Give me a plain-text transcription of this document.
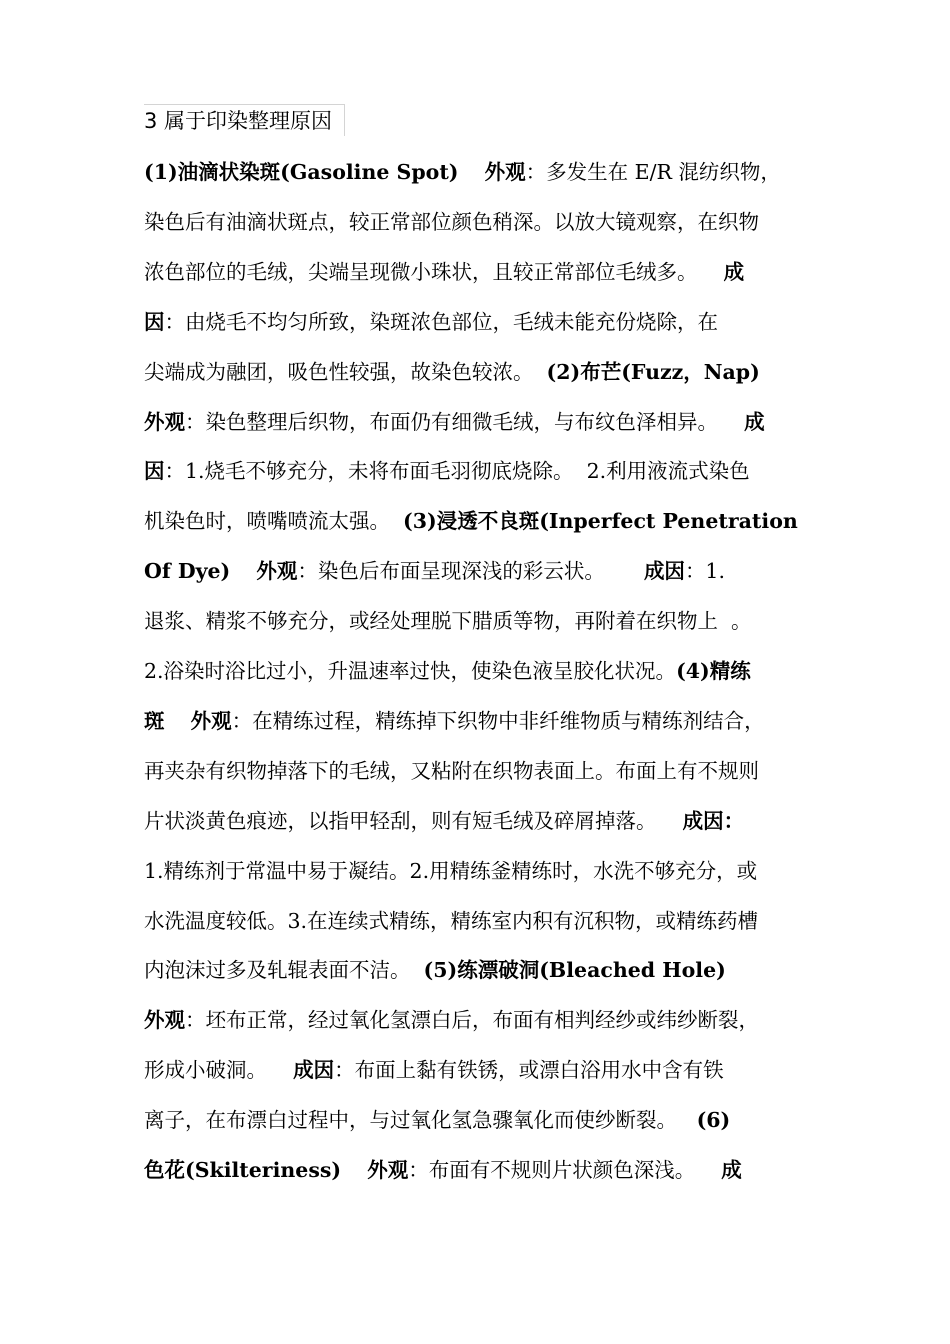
3 属于印染整理原因
(1)油滴状染斑(Gasoline Spot) 外观：多发生在 E/R 混纺织物，
染色后有油滴状斑点，较正常部位颜色稍深。以放大镜观察，在织物
浓色部位的毛绒，尖端呈现微小珠状，且较正常部位毛绒多。    成
因：由烧毛不均匀所致，染斑浓色部位，毛绒未能充份烧除，在
尖端成为融团，吸色性较强，故染色较浓。  (2)布芒(Fuzz，Nap)
外观：染色整理后织物，布面仍有细微毛绒，与布纹色泽相异。    成
因：1.烧毛不够充分，未将布面毛羽彻底烧除。  2.利用液流式染色
机染色时，喷嘴喷流太强。  (3)浸透不良斑(Inperfect Penetration
Of Dye) 外观：染色后布面呈现深浅的彩云状。      成因：1.
退浆、精浆不够充分，或经处理脱下腊质等物，再附着在织物上  。
2.浴染时浴比过小，升温速率过快，使染色液呈胶化状况。(4)精练
斑 外观：在精练过程，精练掉下织物中非纤维物质与精练剂结合，
再夹杂有织物掉落下的毛绒，又粘附在织物表面上。布面上有不规则
片状淡黄色痕迹，以指甲轻刮，则有短毛绒及碎屑掉落。    成因：
1.精练剂于常温中易于凝结。2.用精练釜精练时，水洗不够充分，或
水洗温度较低。3.在连续式精练，精练室内积有沉积物，或精练药槽
内泡沫过多及轧辊表面不洁。  (5)练漂破洞(Bleached Hole)
外观：坯布正常，经过氧化氢漂白后，布面有相判经纱或纬纱断裂，
形成小破洞。    成因：布面上黏有铁锈，或漂白浴用水中含有铁
离子，在布漂白过程中，与过氧化氢急骤氧化而使纱断裂。   (6)
色花(Skilteriness) 外观：布面有不规则片状颜色深浅。    成
